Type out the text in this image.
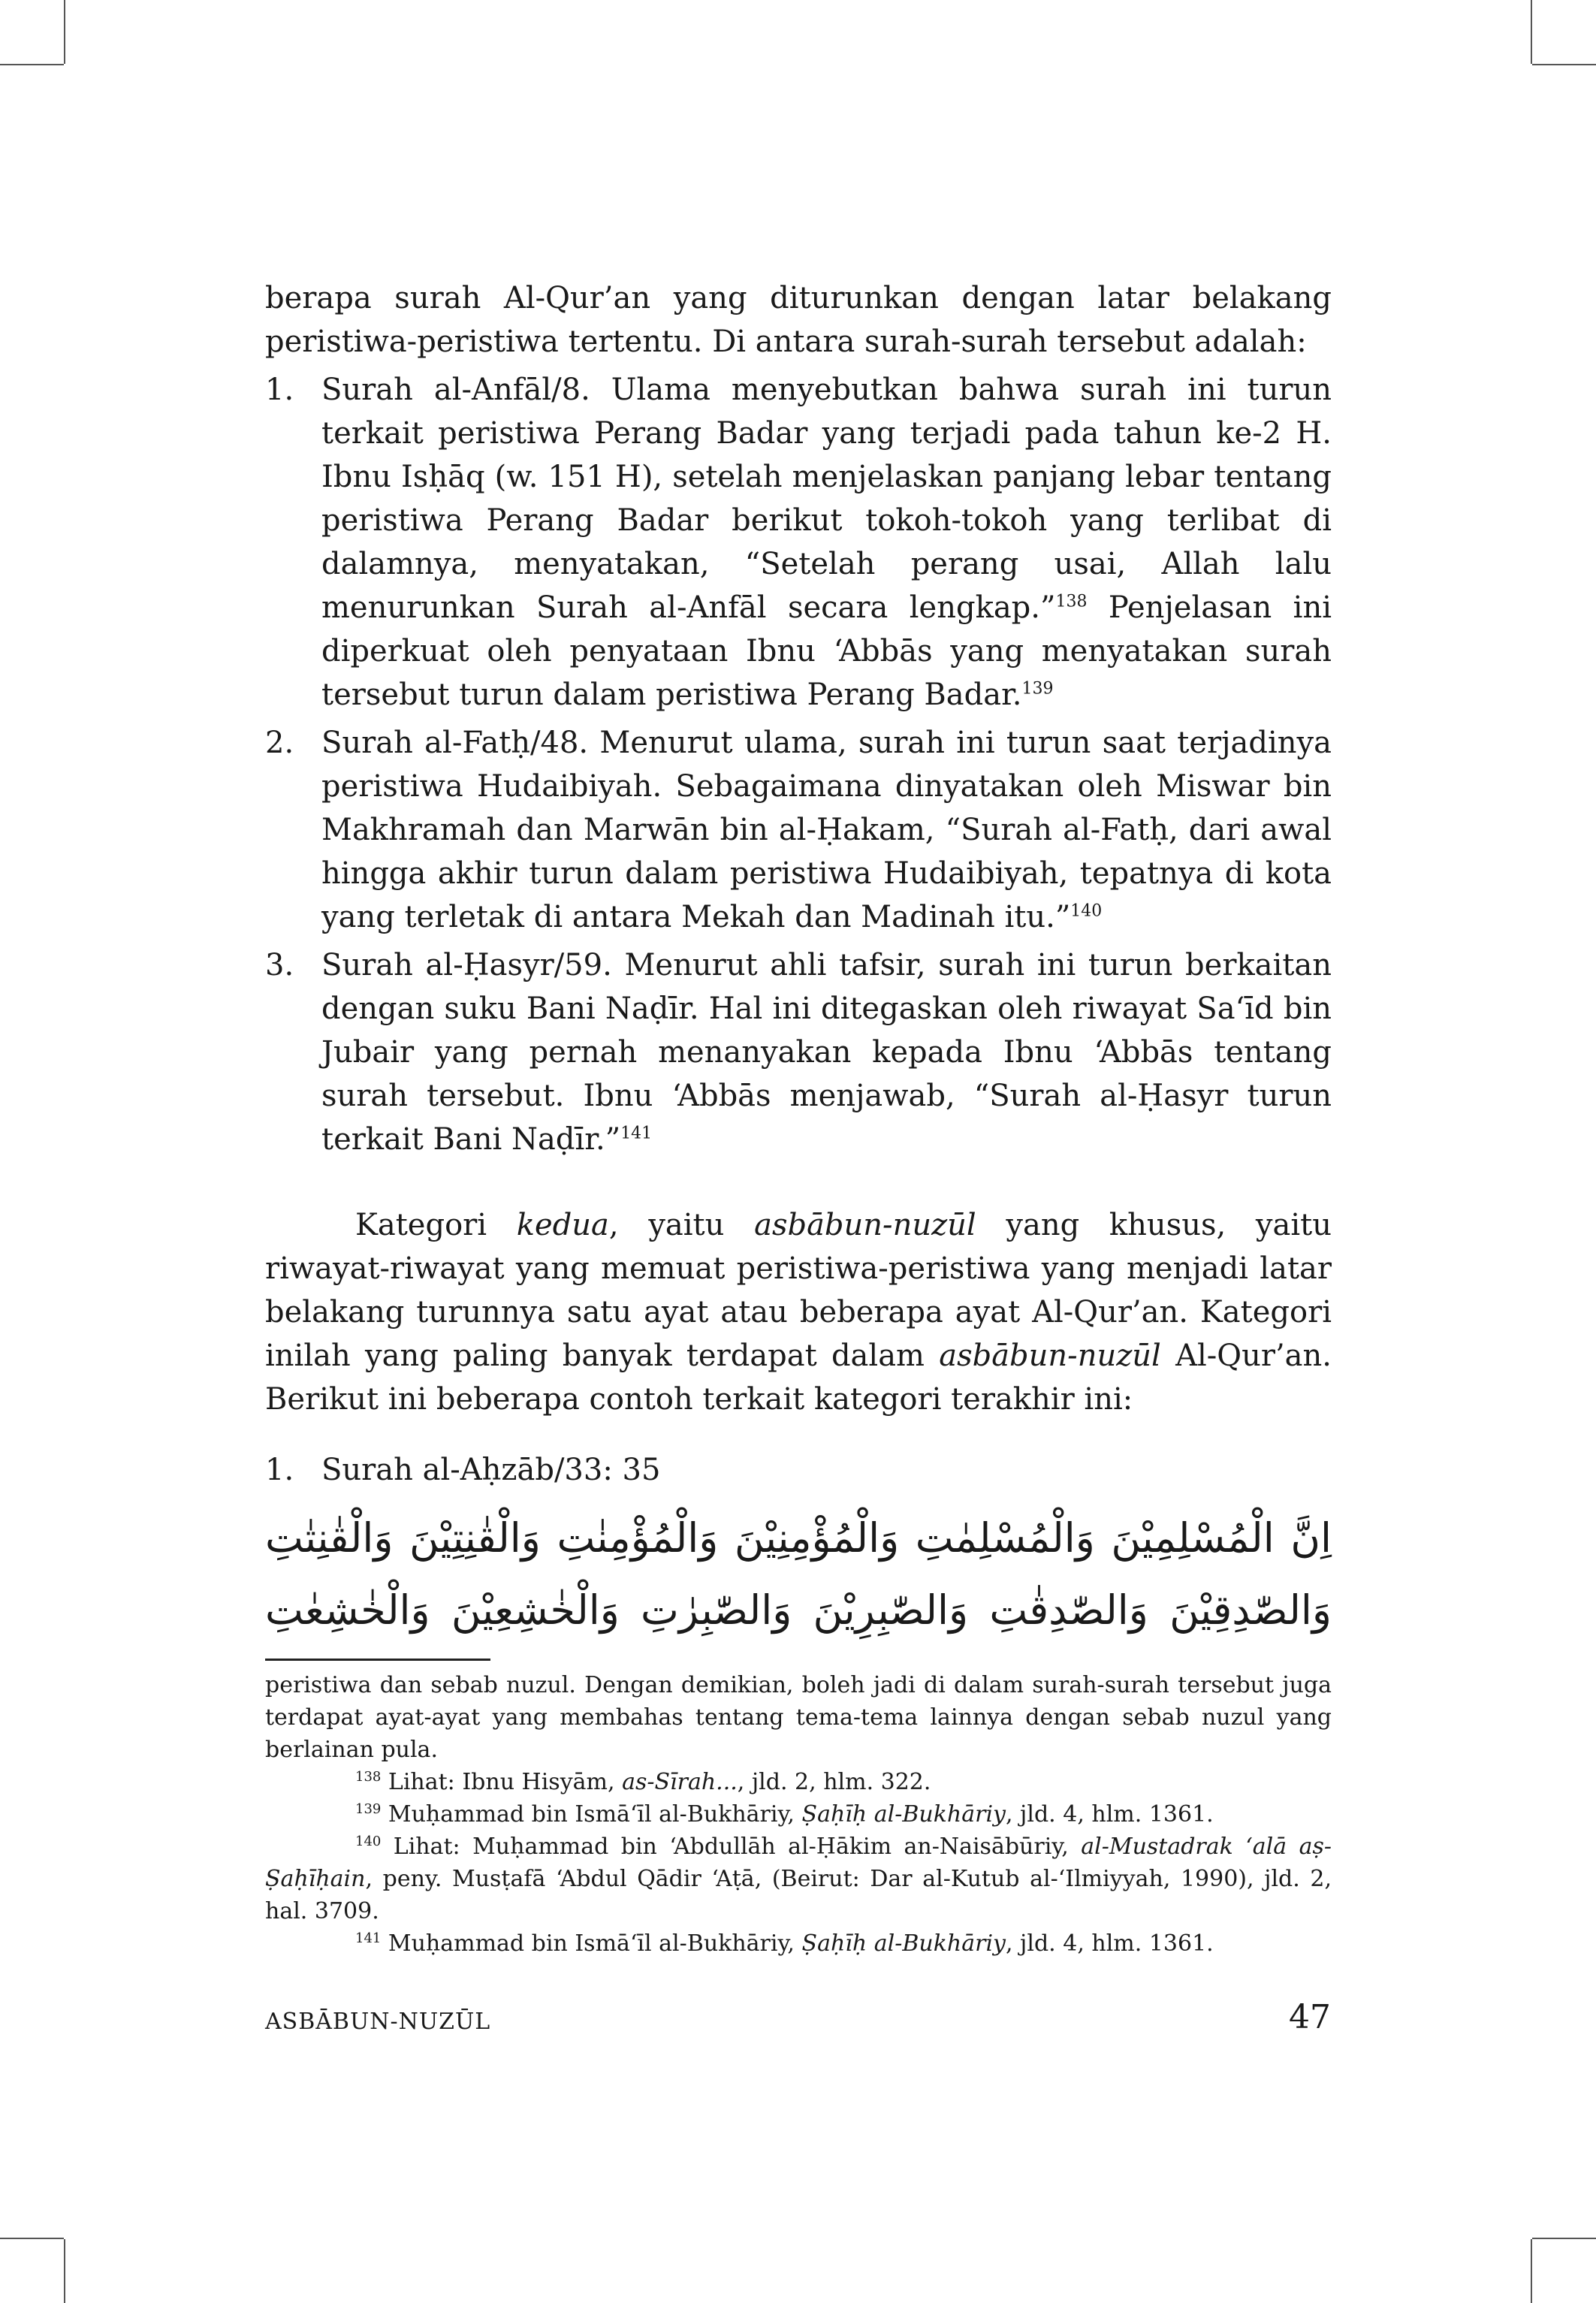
berapa surah Al-Qur’an yang diturunkan dengan latar belakang peristiwa-peristiwa tertentu. Di antara surah-surah tersebut adalah:

1. Surah al-Anfāl/8. Ulama menyebutkan bahwa surah ini turun terkait peristiwa Perang Badar yang terjadi pada tahun ke-2 H. Ibnu Isḥāq (w. 151 H), setelah menjelaskan panjang lebar tentang peristiwa Perang Badar berikut tokoh-tokoh yang terlibat di dalamnya, menyatakan, “Setelah perang usai, Allah lalu menurunkan Surah al-Anfāl secara lengkap.”$^{138}$ Penjelasan ini diperkuat oleh penyataan Ibnu ‘Abbās yang menyatakan surah tersebut turun dalam peristiwa Perang Badar.$^{139}$
2. Surah al-Fatḥ/48. Menurut ulama, surah ini turun saat terjadinya peristiwa Hudaibiyah. Sebagaimana dinyatakan oleh Miswar bin Makhramah dan Marwān bin al-Ḥakam, “Surah al-Fatḥ, dari awal hingga akhir turun dalam peristiwa Hudaibiyah, tepatnya di kota yang terletak di antara Mekah dan Madinah itu.”$^{140}$
3. Surah al-Ḥasyr/59. Menurut ahli tafsir, surah ini turun berkaitan dengan suku Bani Naḍīr. Hal ini ditegaskan oleh riwayat Sa‘īd bin Jubair yang pernah menanyakan kepada Ibnu ‘Abbās tentang surah tersebut. Ibnu ‘Abbās menjawab, “Surah al-Ḥasyr turun terkait Bani Naḍīr.”$^{141}$

Kategori kedua, yaitu asbābun-nuzūl yang khusus, yaitu riwayat-riwayat yang memuat peristiwa-peristiwa yang menjadi latar belakang turunnya satu ayat atau beberapa ayat Al-Qur’an. Kategori inilah yang paling banyak terdapat dalam asbābun-nuzūl Al-Qur’an. Berikut ini beberapa contoh terkait kategori terakhir ini:

1. Surah al-Aḥzāb/33: 35
اِنَّ الْمُسْلِمِيْنَ وَالْمُسْلِمٰتِ وَالْمُؤْمِنِيْنَ وَالْمُؤْمِنٰتِ وَالْقٰنِتِيْنَ وَالْقٰنِتٰتِ
وَالصّٰدِقِيْنَ وَالصّٰدِقٰتِ وَالصّٰبِرِيْنَ وَالصّٰبِرٰتِ وَالْخٰشِعِيْنَ وَالْخٰشِعٰتِ

peristiwa dan sebab nuzul. Dengan demikian, boleh jadi di dalam surah-surah tersebut juga terdapat ayat-ayat yang membahas tentang tema-tema lainnya dengan sebab nuzul yang berlainan pula.

$^{138}$ Lihat: Ibnu Hisyām, as-Sīrah..., jld. 2, hlm. 322.

$^{139}$ Muḥammad bin Ismā‘īl al-Bukhāriy, Ṣaḥīḥ al-Bukhāriy, jld. 4, hlm. 1361.

$^{140}$ Lihat: Muḥammad bin ‘Abdullāh al-Ḥākim an-Naisābūriy, al-Mustadrak ‘alā aṣ-Ṣaḥīḥain, peny. Musṭafā ‘Abdul Qādir ‘Aṭā, (Beirut: Dar al-Kutub al-‘Ilmiyyah, 1990), jld. 2, hal. 3709.

$^{141}$ Muḥammad bin Ismā‘īl al-Bukhāriy, Ṣaḥīḥ al-Bukhāriy, jld. 4, hlm. 1361.

ASBĀBUN-NUZŪL	47
